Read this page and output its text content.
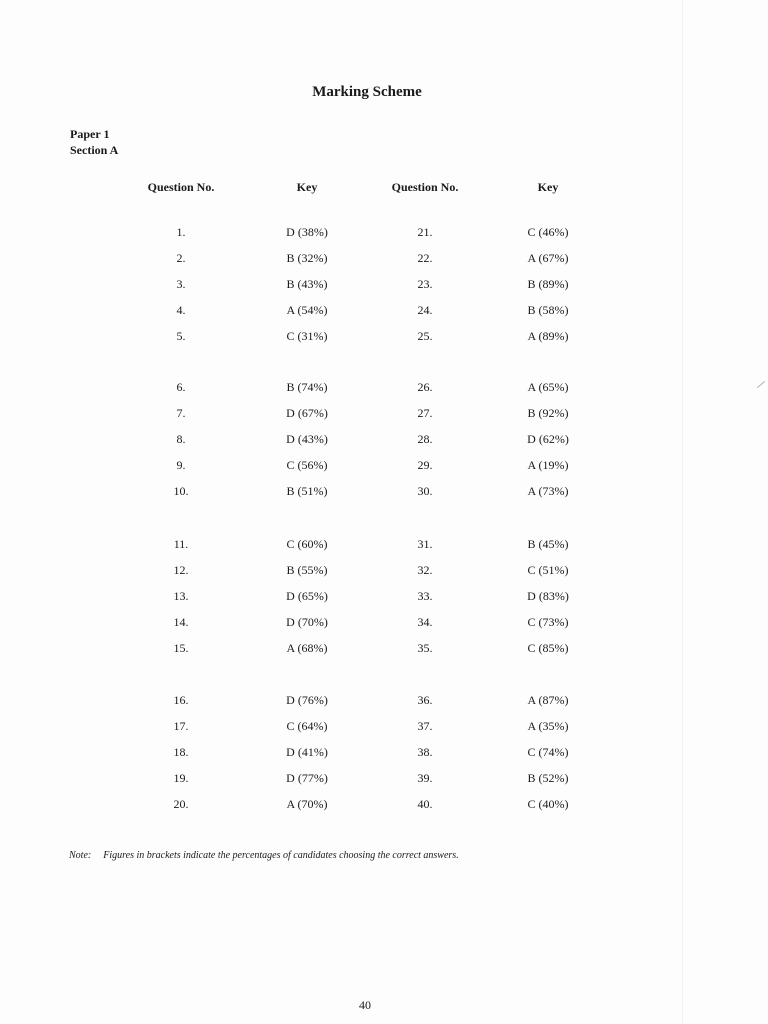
Marking Scheme
Paper 1
Section A
Question No.	Key	Question No.	Key
1.	D (38%)	21.	C (46%)
2.	B (32%)	22.	A (67%)
3.	B (43%)	23.	B (89%)
4.	A (54%)	24.	B (58%)
5.	C (31%)	25.	A (89%)
6.	B (74%)	26.	A (65%)
7.	D (67%)	27.	B (92%)
8.	D (43%)	28.	D (62%)
9.	C (56%)	29.	A (19%)
10.	B (51%)	30.	A (73%)
11.	C (60%)	31.	B (45%)
12.	B (55%)	32.	C (51%)
13.	D (65%)	33.	D (83%)
14.	D (70%)	34.	C (73%)
15.	A (68%)	35.	C (85%)
16.	D (76%)	36.	A (87%)
17.	C (64%)	37.	A (35%)
18.	D (41%)	38.	C (74%)
19.	D (77%)	39.	B (52%)
20.	A (70%)	40.	C (40%)
Note: Figures in brackets indicate the percentages of candidates choosing the correct answers.
40
